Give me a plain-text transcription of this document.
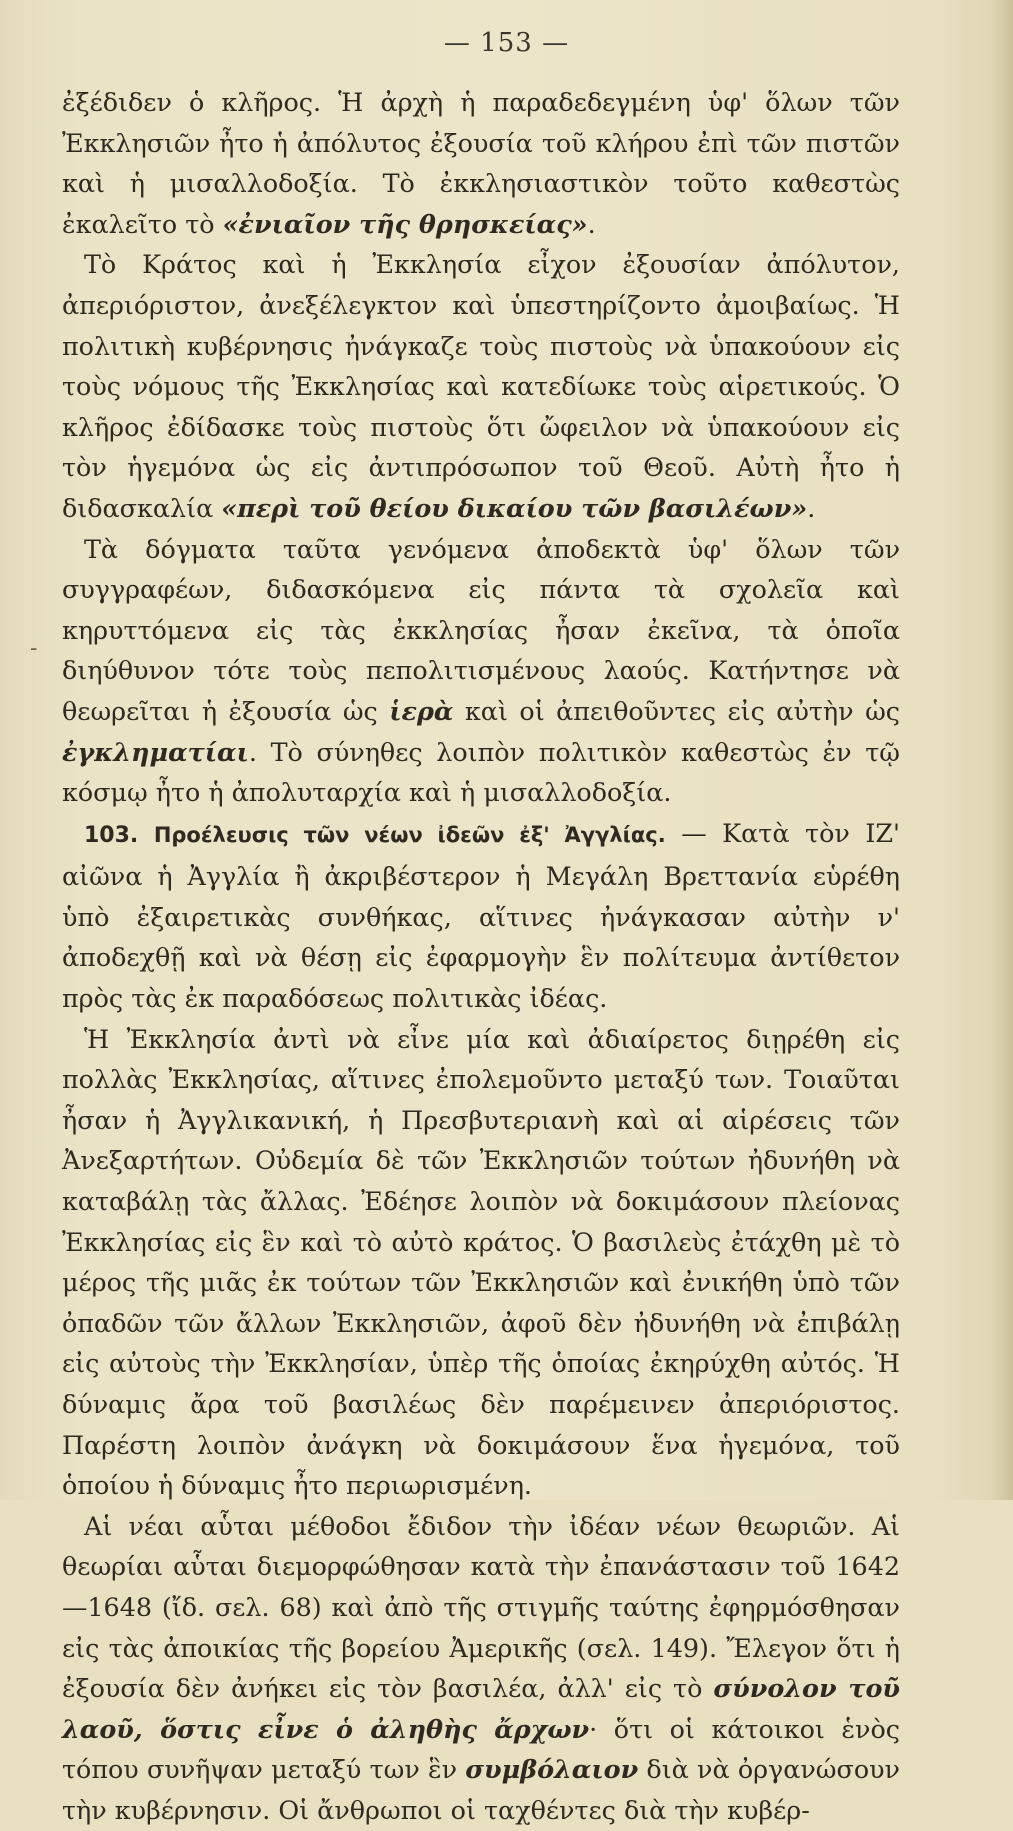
— 153 —
-

ἐξέδιδεν ὁ κλῆρος. Ἡ ἀρχὴ ἡ παραδεδεγμένη ὑφ' ὅλων τῶν Ἐκκλησιῶν ἦτο ἡ ἀπόλυτος ἐξουσία τοῦ κλήρου ἐπὶ τῶν πιστῶν καὶ ἡ μισαλλοδοξία. Τὸ ἐκκλησιαστικὸν τοῦτο καθεστὼς ἐκαλεῖτο τὸ «ἐνιαῖον τῆς θρησκείας».

Τὸ Κράτος καὶ ἡ Ἐκκλησία εἶχον ἐξουσίαν ἀπόλυτον, ἀπεριόριστον, ἀνεξέλεγκτον καὶ ὑπεστηρίζοντο ἀμοιβαίως. Ἡ πολιτικὴ κυβέρνησις ἠνάγκαζε τοὺς πιστοὺς νὰ ὑπακούουν εἰς τοὺς νόμους τῆς Ἐκκλησίας καὶ κατεδίωκε τοὺς αἱρετικούς. Ὁ κλῆρος ἐδίδασκε τοὺς πιστοὺς ὅτι ὤφειλον νὰ ὑπακούουν εἰς τὸν ἡγεμόνα ὡς εἰς ἀντιπρόσωπον τοῦ Θεοῦ. Αὐτὴ ἦτο ἡ διδασκαλία «περὶ τοῦ θείου δικαίου τῶν βασιλέων».

Τὰ δόγματα ταῦτα γενόμενα ἀποδεκτὰ ὑφ' ὅλων τῶν συγγραφέων, διδασκόμενα εἰς πάντα τὰ σχολεῖα καὶ κηρυττόμενα εἰς τὰς ἐκκλησίας ἦσαν ἐκεῖνα, τὰ ὁποῖα διηύθυνον τότε τοὺς πεπολιτισμένους λαούς. Κατήντησε νὰ θεωρεῖται ἡ ἐξουσία ὡς ἱερὰ καὶ οἱ ἀπειθοῦντες εἰς αὐτὴν ὡς ἐγκληματίαι. Τὸ σύνηθες λοιπὸν πολιτικὸν καθεστὼς ἐν τῷ κόσμῳ ἦτο ἡ ἀπολυταρχία καὶ ἡ μισαλλοδοξία.

103. Προέλευσις τῶν νέων ἰδεῶν ἐξ' Ἀγγλίας. — Κατὰ τὸν ΙΖ' αἰῶνα ἡ Ἀγγλία ἢ ἀκριβέστερον ἡ Μεγάλη Βρεττανία εὑρέθη ὑπὸ ἐξαιρετικὰς συνθήκας, αἵτινες ἠνάγκασαν αὐτὴν ν' ἀποδεχθῇ καὶ νὰ θέσῃ εἰς ἐφαρμογὴν ἓν πολίτευμα ἀντίθετον πρὸς τὰς ἐκ παραδόσεως πολιτικὰς ἰδέας.

Ἡ Ἐκκλησία ἀντὶ νὰ εἶνε μία καὶ ἀδιαίρετος διῃρέθη εἰς πολλὰς Ἐκκλησίας, αἵτινες ἐπολεμοῦντο μεταξύ των. Τοιαῦται ἦσαν ἡ Ἀγγλικανική, ἡ Πρεσβυτεριανὴ καὶ αἱ αἱρέσεις τῶν Ἀνεξαρτήτων. Οὐδεμία δὲ τῶν Ἐκκλησιῶν τούτων ἠδυνήθη νὰ καταβάλῃ τὰς ἄλλας. Ἐδέησε λοιπὸν νὰ δοκιμάσουν πλείονας Ἐκκλησίας εἰς ἓν καὶ τὸ αὐτὸ κράτος. Ὁ βασιλεὺς ἐτάχθη μὲ τὸ μέρος τῆς μιᾶς ἐκ τούτων τῶν Ἐκκλησιῶν καὶ ἐνικήθη ὑπὸ τῶν ὀπαδῶν τῶν ἄλλων Ἐκκλησιῶν, ἀφοῦ δὲν ἠδυνήθη νὰ ἐπιβάλῃ εἰς αὐτοὺς τὴν Ἐκκλησίαν, ὑπὲρ τῆς ὁποίας ἐκηρύχθη αὐτός. Ἡ δύναμις ἄρα τοῦ βασιλέως δὲν παρέμεινεν ἀπεριόριστος. Παρέστη λοιπὸν ἀνάγκη νὰ δοκιμάσουν ἕνα ἡγεμόνα, τοῦ ὁποίου ἡ δύναμις ἦτο περιωρισμένη.

Αἱ νέαι αὗται μέθοδοι ἔδιδον τὴν ἰδέαν νέων θεωριῶν. Αἱ θεωρίαι αὗται διεμορφώθησαν κατὰ τὴν ἐπανάστασιν τοῦ 1642—1648 (ἴδ. σελ. 68) καὶ ἀπὸ τῆς στιγμῆς ταύτης ἐφηρμόσθησαν εἰς τὰς ἀποικίας τῆς βορείου Ἀμερικῆς (σελ. 149). Ἔλεγον ὅτι ἡ ἐξουσία δὲν ἀνήκει εἰς τὸν βασιλέα, ἀλλ' εἰς τὸ σύνολον τοῦ λαοῦ, ὅστις εἶνε ὁ ἀληθὴς ἄρχων· ὅτι οἱ κάτοικοι ἑνὸς τόπου συνῆψαν μεταξύ των ἓν συμβόλαιον διὰ νὰ ὀργανώσουν τὴν κυβέρνησιν. Οἱ ἄνθρωποι οἱ ταχθέντες διὰ τὴν κυβέρ-
